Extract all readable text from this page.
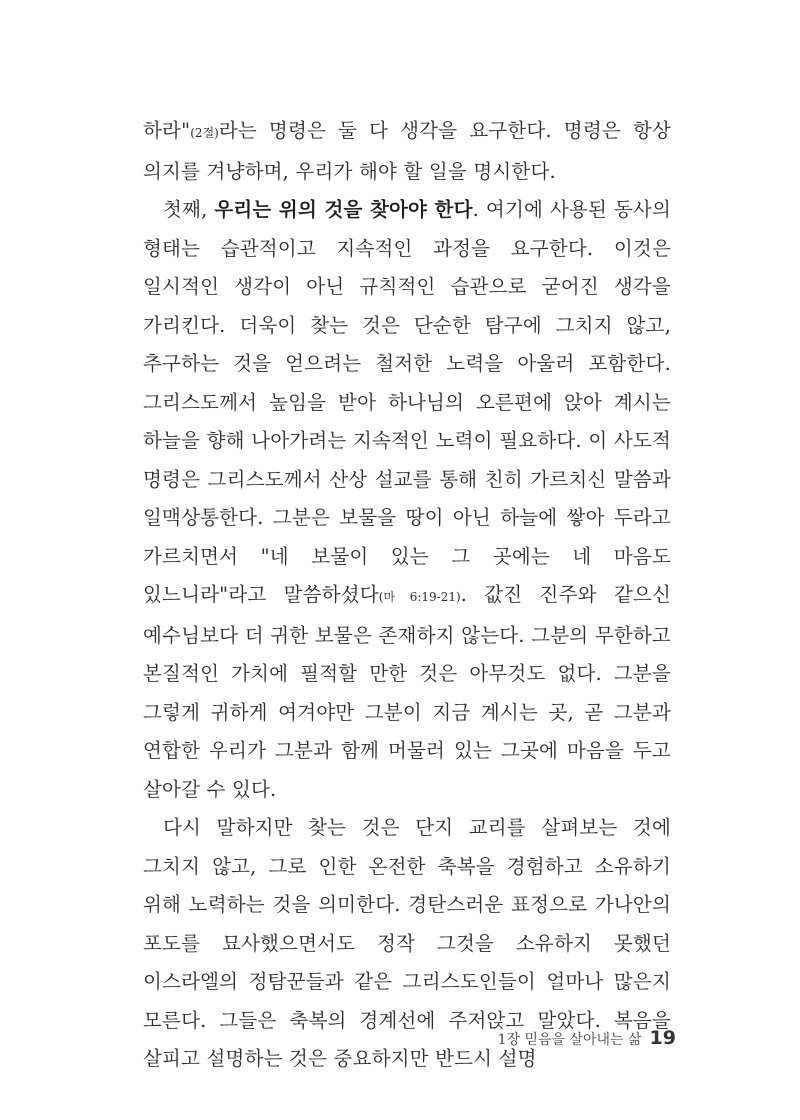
하라"(2절)라는 명령은 둘 다 생각을 요구한다. 명령은 항상 의지를 겨냥하며, 우리가 해야 할 일을 명시한다.

첫째, 우리는 위의 것을 찾아야 한다. 여기에 사용된 동사의 형태는 습관적이고 지속적인 과정을 요구한다. 이것은 일시적인 생각이 아닌 규칙적인 습관으로 굳어진 생각을 가리킨다. 더욱이 찾는 것은 단순한 탐구에 그치지 않고, 추구하는 것을 얻으려는 철저한 노력을 아울러 포함한다. 그리스도께서 높임을 받아 하나님의 오른편에 앉아 계시는 하늘을 향해 나아가려는 지속적인 노력이 필요하다. 이 사도적 명령은 그리스도께서 산상 설교를 통해 친히 가르치신 말씀과 일맥상통한다. 그분은 보물을 땅이 아닌 하늘에 쌓아 두라고 가르치면서 "네 보물이 있는 그 곳에는 네 마음도 있느니라"라고 말씀하셨다(마 6:19-21). 값진 진주와 같으신 예수님보다 더 귀한 보물은 존재하지 않는다. 그분의 무한하고 본질적인 가치에 필적할 만한 것은 아무것도 없다. 그분을 그렇게 귀하게 여겨야만 그분이 지금 계시는 곳, 곧 그분과 연합한 우리가 그분과 함께 머물러 있는 그곳에 마음을 두고 살아갈 수 있다.

다시 말하지만 찾는 것은 단지 교리를 살펴보는 것에 그치지 않고, 그로 인한 온전한 축복을 경험하고 소유하기 위해 노력하는 것을 의미한다. 경탄스러운 표정으로 가나안의 포도를 묘사했으면서도 정작 그것을 소유하지 못했던 이스라엘의 정탐꾼들과 같은 그리스도인들이 얼마나 많은지 모른다. 그들은 축복의 경계선에 주저앉고 말았다. 복음을 살피고 설명하는 것은 중요하지만 반드시 설명

1장 믿음을 살아내는 삶 19
